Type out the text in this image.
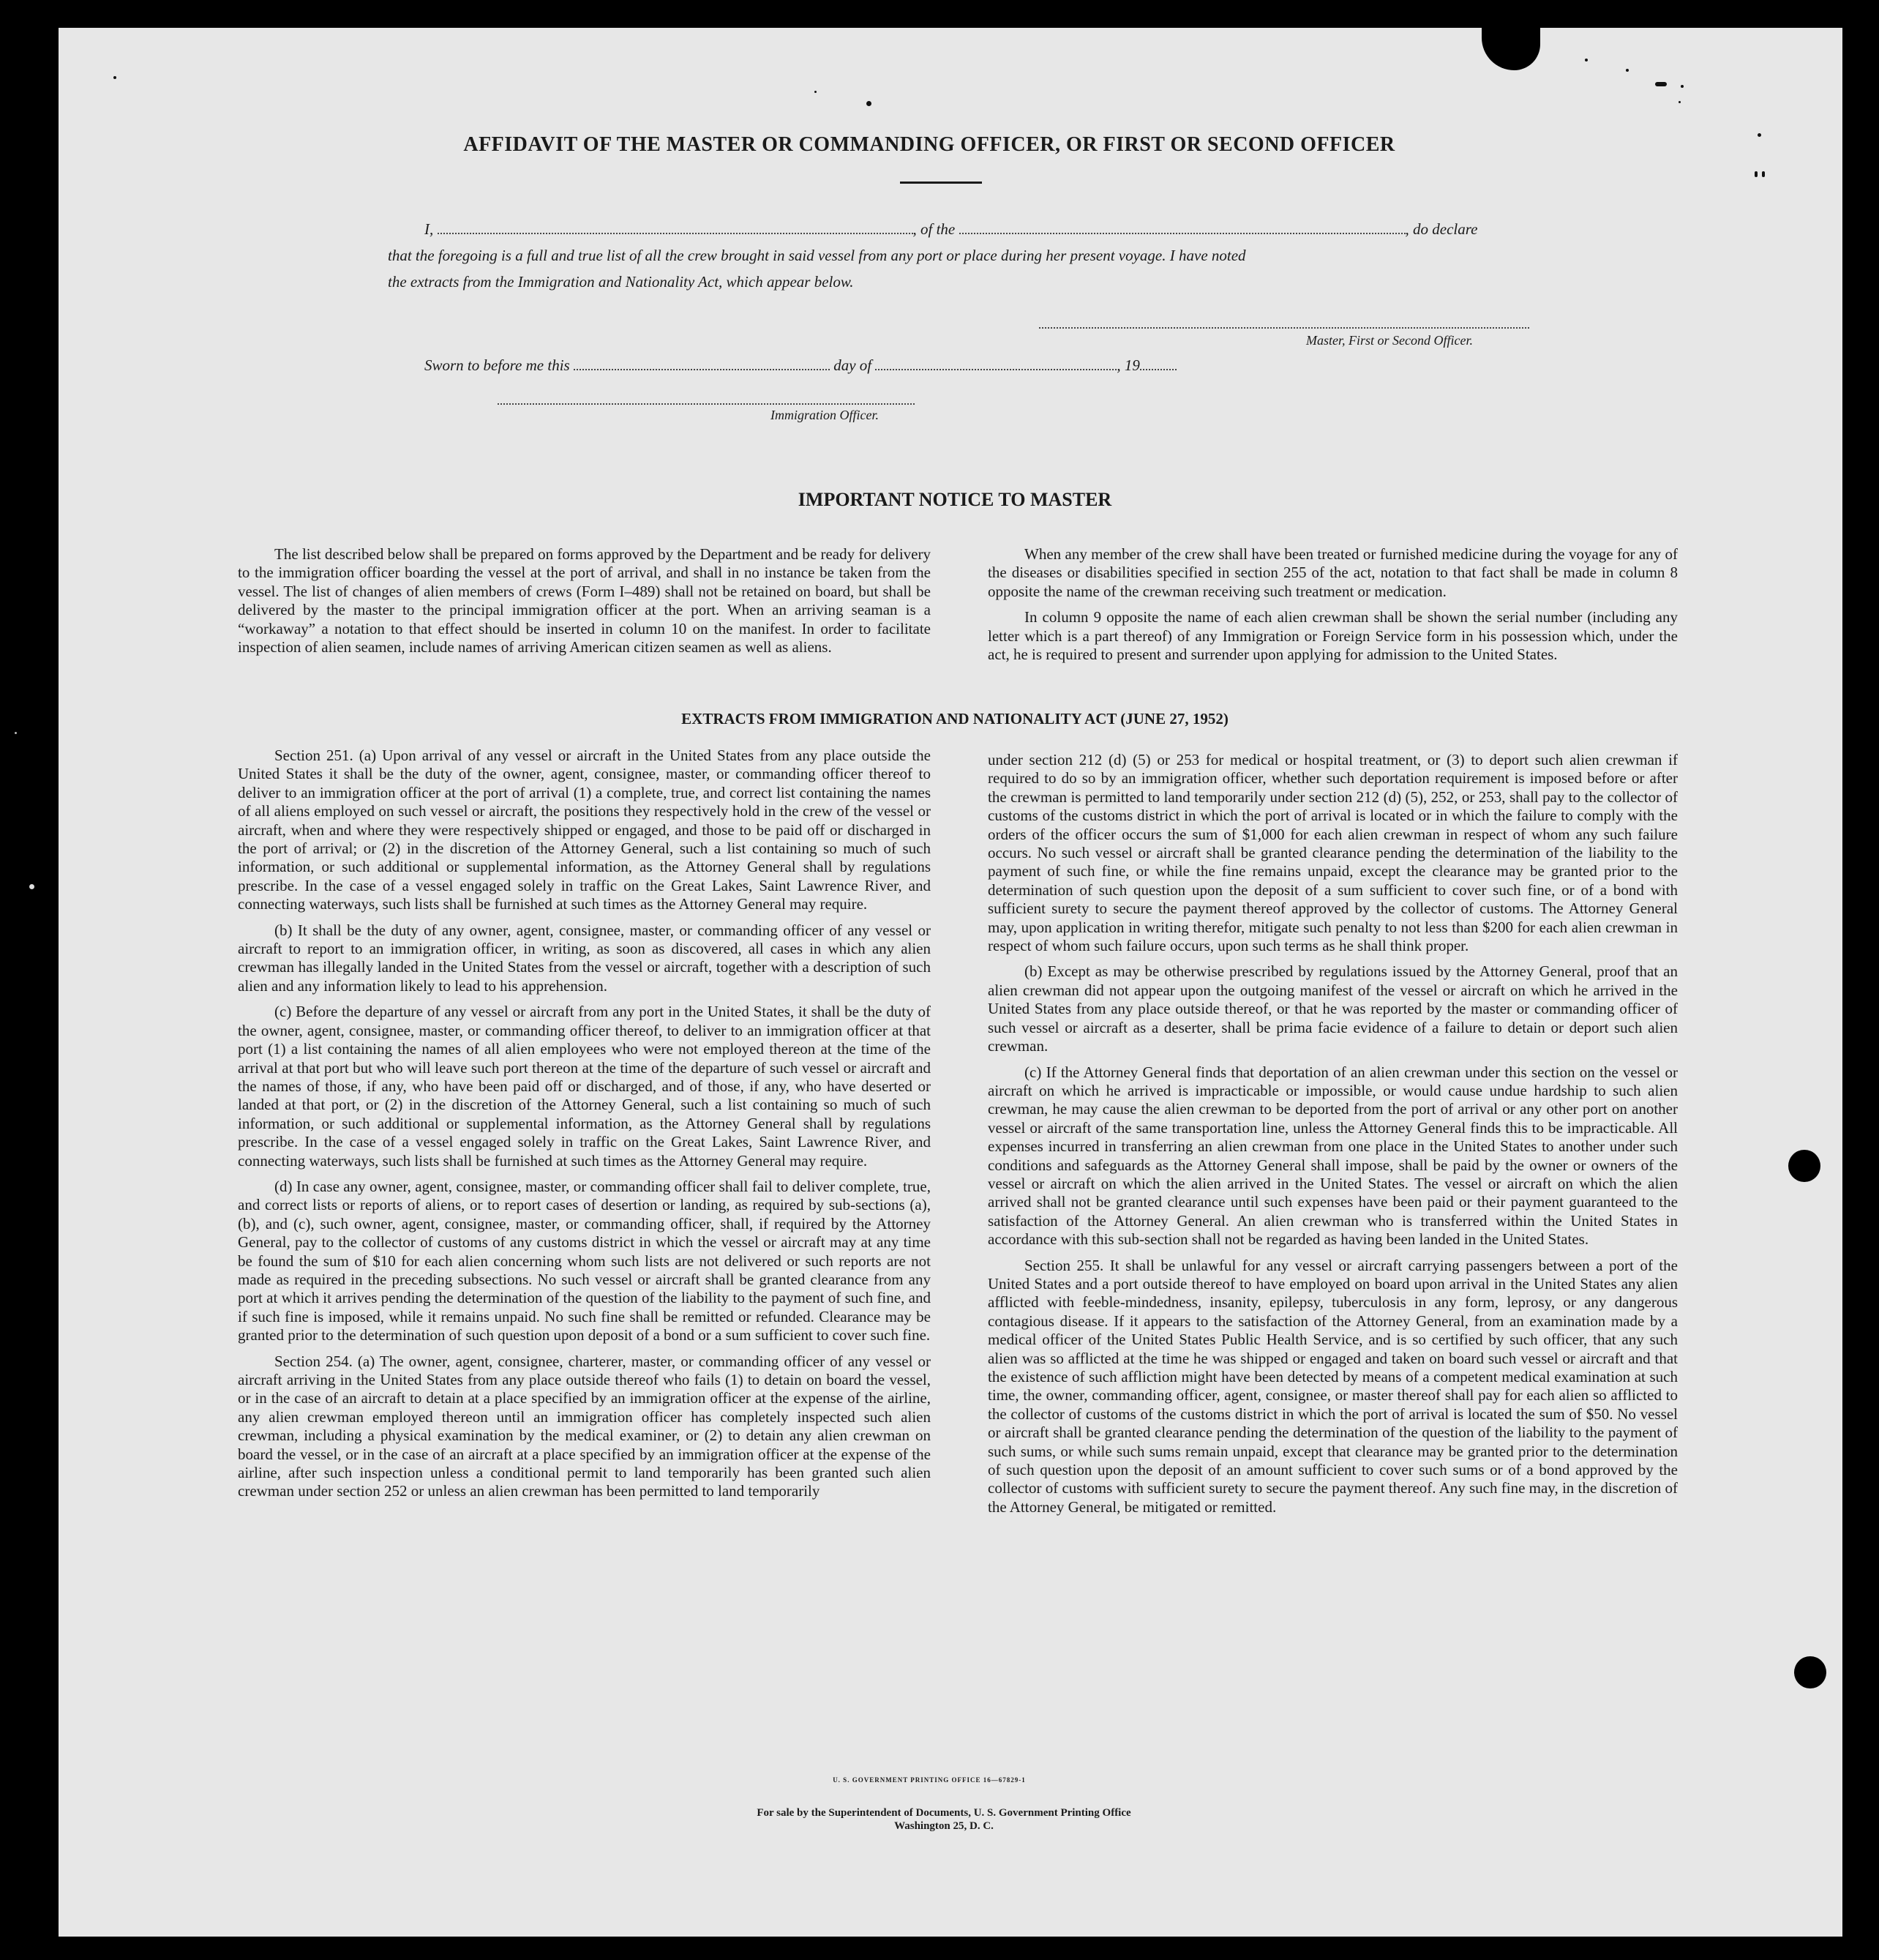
AFFIDAVIT OF THE MASTER OR COMMANDING OFFICER, OR FIRST OR SECOND OFFICER
I,	, of the	, do declare
that the foregoing is a full and true list of all the crew brought in said vessel from any port or place during her present voyage. I have noted
the extracts from the Immigration and Nationality Act, which appear below.
Master, First or Second Officer.
Sworn to before me this	day of	, 19
Immigration Officer.
IMPORTANT NOTICE TO MASTER

The list described below shall be prepared on forms approved by the Department and be ready for delivery to the immigration officer boarding the vessel at the port of arrival, and shall in no instance be taken from the vessel. The list of changes of alien members of crews (Form I–489) shall not be retained on board, but shall be delivered by the master to the principal immigration officer at the port. When an arriving seaman is a “workaway” a notation to that effect should be inserted in column 10 on the manifest. In order to facilitate inspection of alien seamen, include names of arriving American citizen seamen as well as aliens.

When any member of the crew shall have been treated or furnished medicine during the voyage for any of the diseases or disabilities specified in section 255 of the act, notation to that fact shall be made in column 8 opposite the name of the crewman receiving such treatment or medication.

In column 9 opposite the name of each alien crewman shall be shown the serial number (including any letter which is a part thereof) of any Immigration or Foreign Service form in his possession which, under the act, he is required to present and surrender upon applying for admission to the United States.

EXTRACTS FROM IMMIGRATION AND NATIONALITY ACT (JUNE 27, 1952)

Section 251. (a) Upon arrival of any vessel or aircraft in the United States from any place outside the United States it shall be the duty of the owner, agent, consignee, master, or commanding officer thereof to deliver to an immigration officer at the port of arrival (1) a complete, true, and correct list containing the names of all aliens employed on such vessel or aircraft, the positions they respectively hold in the crew of the vessel or aircraft, when and where they were respectively shipped or engaged, and those to be paid off or discharged in the port of arrival; or (2) in the discretion of the Attorney General, such a list containing so much of such information, or such additional or supplemental information, as the Attorney General shall by regulations prescribe. In the case of a vessel engaged solely in traffic on the Great Lakes, Saint Lawrence River, and connecting waterways, such lists shall be furnished at such times as the Attorney General may require.

(b) It shall be the duty of any owner, agent, consignee, master, or commanding officer of any vessel or aircraft to report to an immigration officer, in writing, as soon as discovered, all cases in which any alien crewman has illegally landed in the United States from the vessel or aircraft, together with a description of such alien and any information likely to lead to his apprehension.

(c) Before the departure of any vessel or aircraft from any port in the United States, it shall be the duty of the owner, agent, consignee, master, or commanding officer thereof, to deliver to an immigration officer at that port (1) a list containing the names of all alien employees who were not employed thereon at the time of the arrival at that port but who will leave such port thereon at the time of the departure of such vessel or aircraft and the names of those, if any, who have been paid off or discharged, and of those, if any, who have deserted or landed at that port, or (2) in the discretion of the Attorney General, such a list containing so much of such information, or such additional or supplemental information, as the Attorney General shall by regulations prescribe. In the case of a vessel engaged solely in traffic on the Great Lakes, Saint Lawrence River, and connecting waterways, such lists shall be furnished at such times as the Attorney General may require.

(d) In case any owner, agent, consignee, master, or commanding officer shall fail to deliver complete, true, and correct lists or reports of aliens, or to report cases of desertion or landing, as required by sub-sections (a), (b), and (c), such owner, agent, consignee, master, or commanding officer, shall, if required by the Attorney General, pay to the collector of customs of any customs district in which the vessel or aircraft may at any time be found the sum of $10 for each alien concerning whom such lists are not delivered or such reports are not made as required in the preceding subsections. No such vessel or aircraft shall be granted clearance from any port at which it arrives pending the determination of the question of the liability to the payment of such fine, and if such fine is imposed, while it remains unpaid. No such fine shall be remitted or refunded. Clearance may be granted prior to the determination of such question upon deposit of a bond or a sum sufficient to cover such fine.

Section 254. (a) The owner, agent, consignee, charterer, master, or commanding officer of any vessel or aircraft arriving in the United States from any place outside thereof who fails (1) to detain on board the vessel, or in the case of an aircraft to detain at a place specified by an immigration officer at the expense of the airline, any alien crewman employed thereon until an immigration officer has completely inspected such alien crewman, including a physical examination by the medical examiner, or (2) to detain any alien crewman on board the vessel, or in the case of an aircraft at a place specified by an immigration officer at the expense of the airline, after such inspection unless a conditional permit to land temporarily has been granted such alien crewman under section 252 or unless an alien crewman has been permitted to land temporarily

under section 212 (d) (5) or 253 for medical or hospital treatment, or (3) to deport such alien crewman if required to do so by an immigration officer, whether such deportation requirement is imposed before or after the crewman is permitted to land temporarily under section 212 (d) (5), 252, or 253, shall pay to the collector of customs of the customs district in which the port of arrival is located or in which the failure to comply with the orders of the officer occurs the sum of $1,000 for each alien crewman in respect of whom any such failure occurs. No such vessel or aircraft shall be granted clearance pending the determination of the liability to the payment of such fine, or while the fine remains unpaid, except the clearance may be granted prior to the determination of such question upon the deposit of a sum sufficient to cover such fine, or of a bond with sufficient surety to secure the payment thereof approved by the collector of customs. The Attorney General may, upon application in writing therefor, mitigate such penalty to not less than $200 for each alien crewman in respect of whom such failure occurs, upon such terms as he shall think proper.

(b) Except as may be otherwise prescribed by regulations issued by the Attorney General, proof that an alien crewman did not appear upon the outgoing manifest of the vessel or aircraft on which he arrived in the United States from any place outside thereof, or that he was reported by the master or commanding officer of such vessel or aircraft as a deserter, shall be prima facie evidence of a failure to detain or deport such alien crewman.

(c) If the Attorney General finds that deportation of an alien crewman under this section on the vessel or aircraft on which he arrived is impracticable or impossible, or would cause undue hardship to such alien crewman, he may cause the alien crewman to be deported from the port of arrival or any other port on another vessel or aircraft of the same transportation line, unless the Attorney General finds this to be impracticable. All expenses incurred in transferring an alien crewman from one place in the United States to another under such conditions and safeguards as the Attorney General shall impose, shall be paid by the owner or owners of the vessel or aircraft on which the alien arrived in the United States. The vessel or aircraft on which the alien arrived shall not be granted clearance until such expenses have been paid or their payment guaranteed to the satisfaction of the Attorney General. An alien crewman who is transferred within the United States in accordance with this sub-section shall not be regarded as having been landed in the United States.

Section 255. It shall be unlawful for any vessel or aircraft carrying passengers between a port of the United States and a port outside thereof to have employed on board upon arrival in the United States any alien afflicted with feeble-mindedness, insanity, epilepsy, tuberculosis in any form, leprosy, or any dangerous contagious disease. If it appears to the satisfaction of the Attorney General, from an examination made by a medical officer of the United States Public Health Service, and is so certified by such officer, that any such alien was so afflicted at the time he was shipped or engaged and taken on board such vessel or aircraft and that the existence of such affliction might have been detected by means of a competent medical examination at such time, the owner, commanding officer, agent, consignee, or master thereof shall pay for each alien so afflicted to the collector of customs of the customs district in which the port of arrival is located the sum of $50. No vessel or aircraft shall be granted clearance pending the determination of the question of the liability to the payment of such sums, or while such sums remain unpaid, except that clearance may be granted prior to the determination of such question upon the deposit of an amount sufficient to cover such sums or of a bond approved by the collector of customs with sufficient surety to secure the payment thereof. Any such fine may, in the discretion of the Attorney General, be mitigated or remitted.

U. S. GOVERNMENT PRINTING OFFICE 16—67829-1
For sale by the Superintendent of Documents, U. S. Government Printing Office
Washington 25, D. C.
